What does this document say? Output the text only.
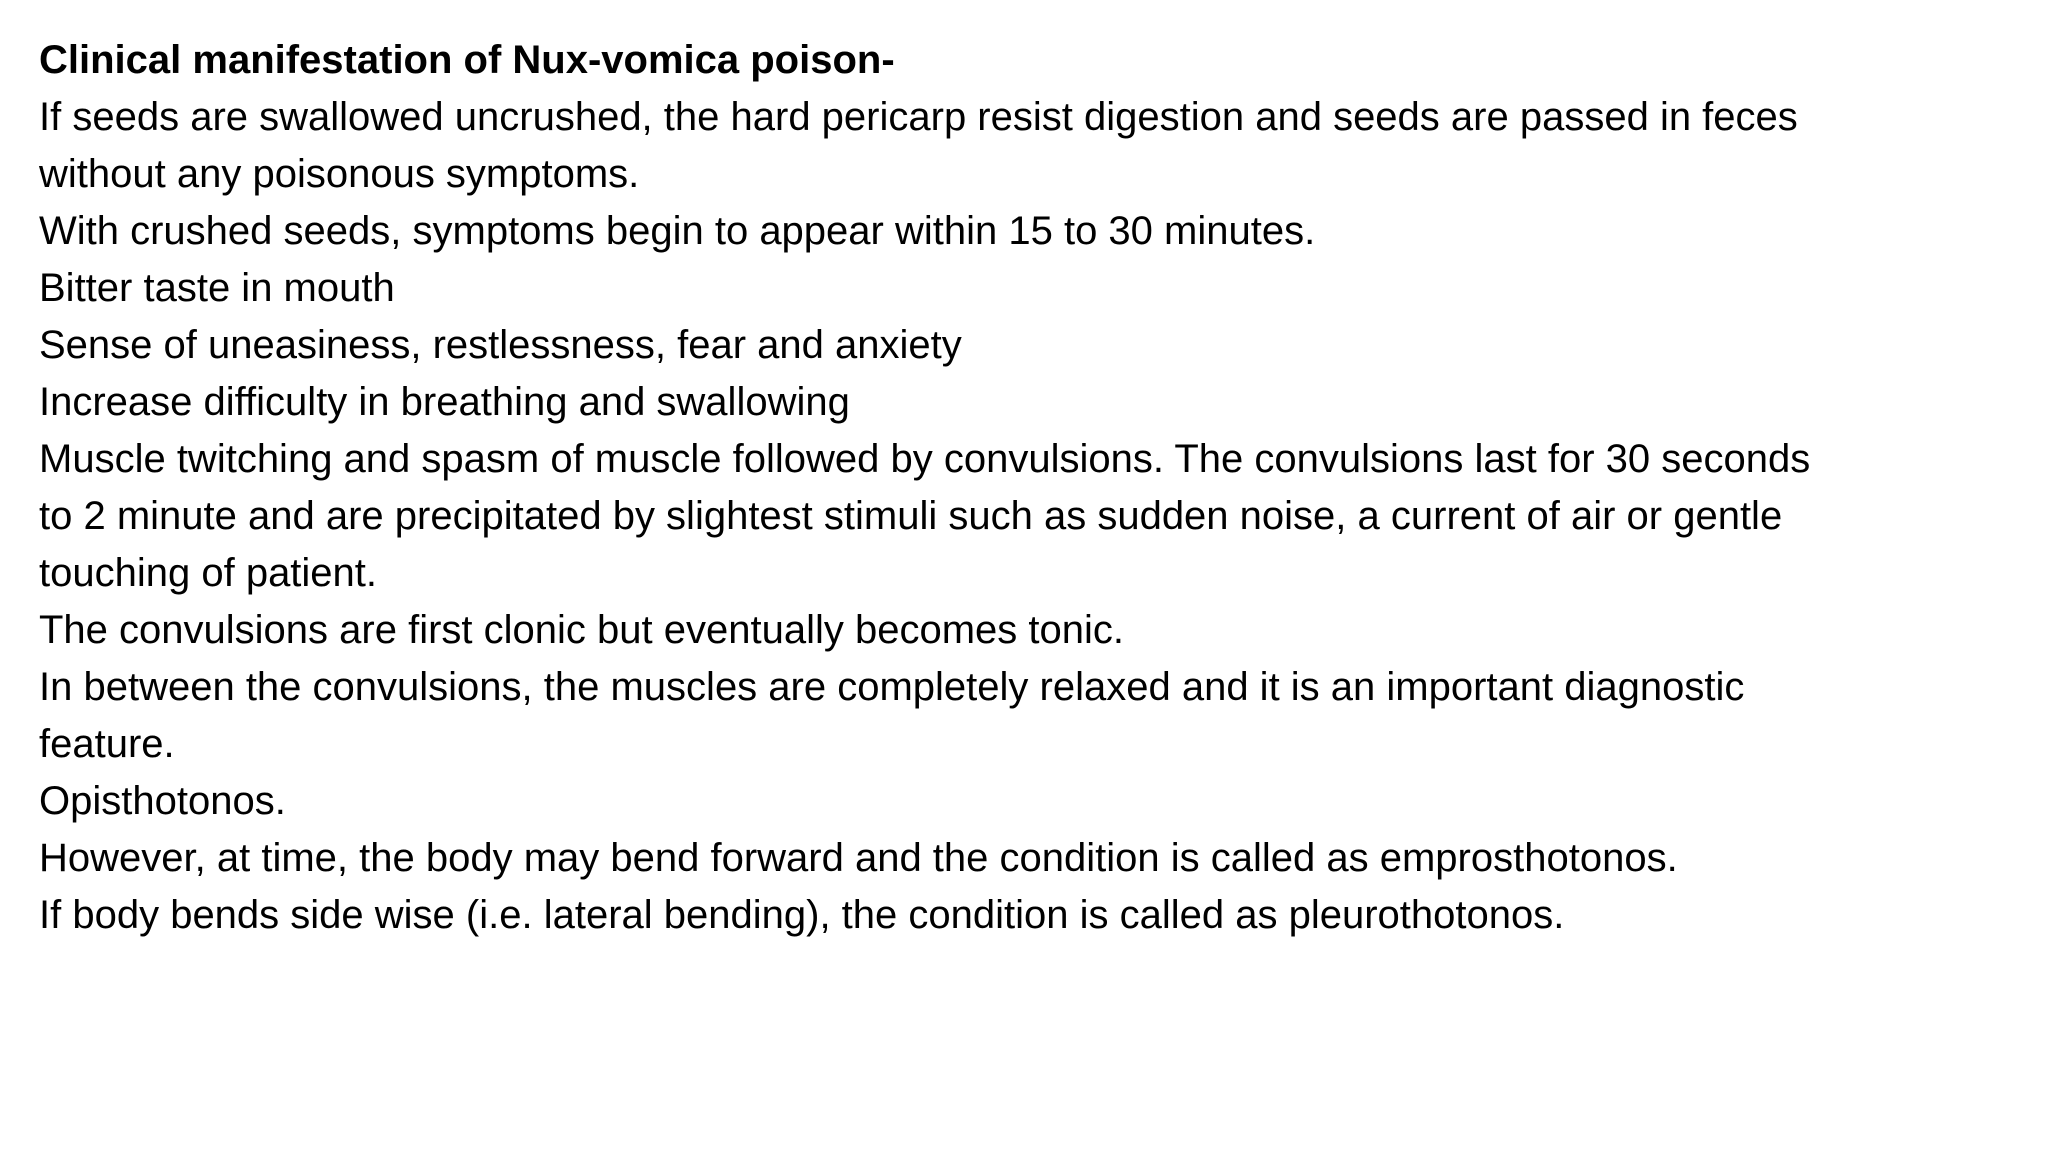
Clinical manifestation of Nux-vomica poison-

If seeds are swallowed uncrushed, the hard pericarp resist digestion and seeds are passed in feces
without any poisonous symptoms.
With crushed seeds, symptoms begin to appear within 15 to 30 minutes.
Bitter taste in mouth
Sense of uneasiness, restlessness, fear and anxiety
Increase difficulty in breathing and swallowing
Muscle twitching and spasm of muscle followed by convulsions. The convulsions last for 30 seconds
to 2 minute and are precipitated by slightest stimuli such as sudden noise, a current of air or gentle
touching of patient.
The convulsions are first clonic but eventually becomes tonic.
In between the convulsions, the muscles are completely relaxed and it is an important diagnostic
feature.
Opisthotonos.
However, at time, the body may bend forward and the condition is called as emprosthotonos.
If body bends side wise (i.e. lateral bending), the condition is called as pleurothotonos.
